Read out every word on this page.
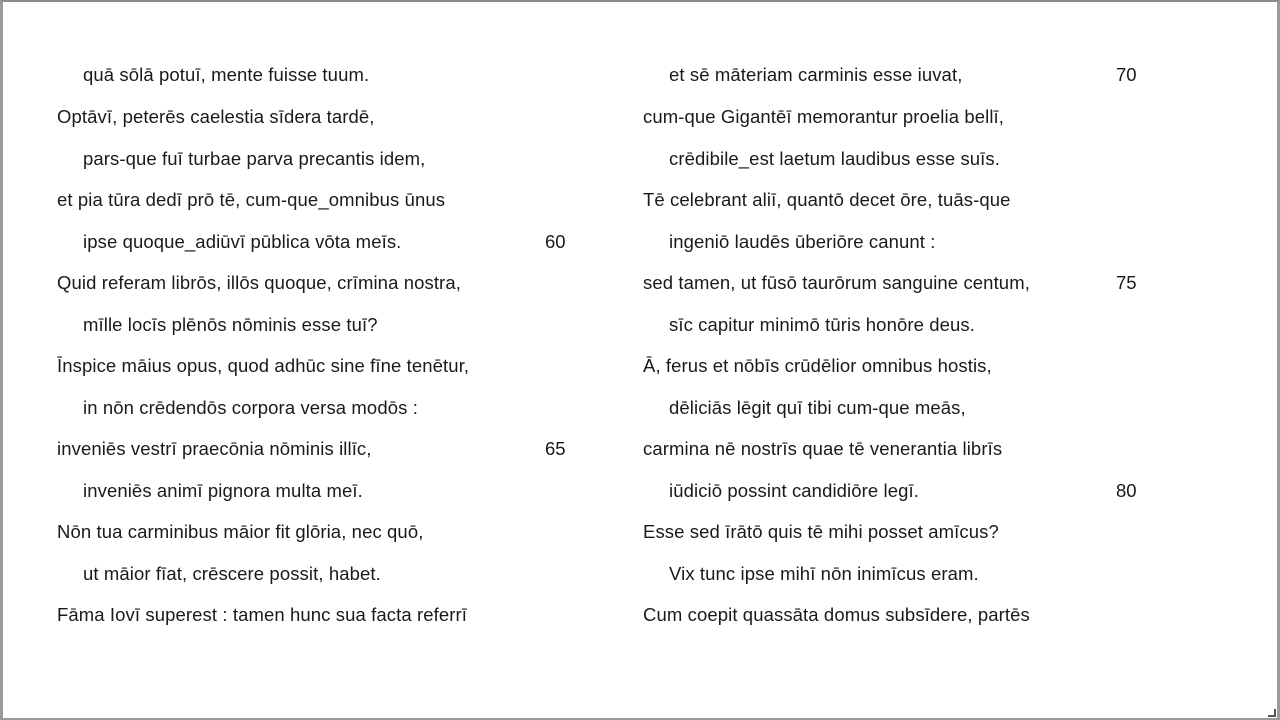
quā sōlā potuī, mente fuisse tuum.
Optāvī, peterēs caelestia sīdera tardē,
pars-que fuī turbae parva precantis idem,
et pia tūra dedī prō tē, cum-que_omnibus ūnus
ipse quoque_adiūvī pūblica vōta meīs.	60
Quid referam librōs, illōs quoque, crīmina nostra,
mīlle locīs plēnōs nōminis esse tuī?
Īnspice māius opus, quod adhūc sine fīne tenētur,
in nōn crēdendōs corpora versa modōs :
inveniēs vestrī praecōnia nōminis illīc,	65
inveniēs animī pignora multa meī.
Nōn tua carminibus māior fit glōria, nec quō,
ut māior fīat, crēscere possit, habet.
Fāma Iovī superest : tamen hunc sua facta referrī
et sē māteriam carminis esse iuvat,	70
cum-que Gigantēī memorantur proelia bellī,
crēdibile_est laetum laudibus esse suīs.
Tē celebrant aliī, quantō decet ōre, tuās-que
ingeniō laudēs ūberiōre canunt :
sed tamen, ut fūsō taurōrum sanguine centum,	75
sīc capitur minimō tūris honōre deus.
Ā, ferus et nōbīs crūdēlior omnibus hostis,
dēliciās lēgit quī tibi cum-que meās,
carmina nē nostrīs quae tē venerantia librīs
iūdiciō possint candidiōre legī.	80
Esse sed īrātō quis tē mihi posset amīcus?
Vix tunc ipse mihī nōn inimīcus eram.
Cum coepit quassāta domus subsīdere, partēs
